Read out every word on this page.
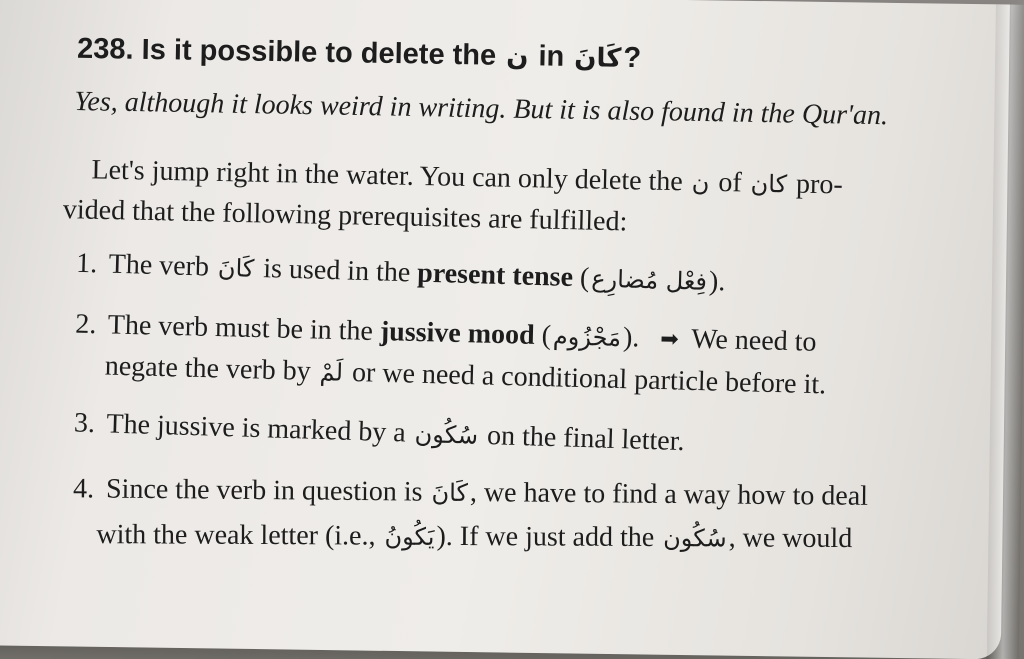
238. Is it possible to delete the ن in كَانَ?
Yes, although it looks weird in writing. But it is also found in the Qur'an.
Let's jump right in the water. You can only delete the ن of كان pro-
vided that the following prerequisites are fulfilled:
1. The verb كَانَ is used in the present tense (فِعْل مُضارِع).
2. The verb must be in the jussive mood (مَجْزُوم). ➡ We need to
negate the verb by لَمْ or we need a conditional particle before it.
3. The jussive is marked by a سُكُون on the final letter.
4. Since the verb in question is كَانَ, we have to find a way how to deal
with the weak letter (i.e., يَكُونُ). If we just add the سُكُون, we would
